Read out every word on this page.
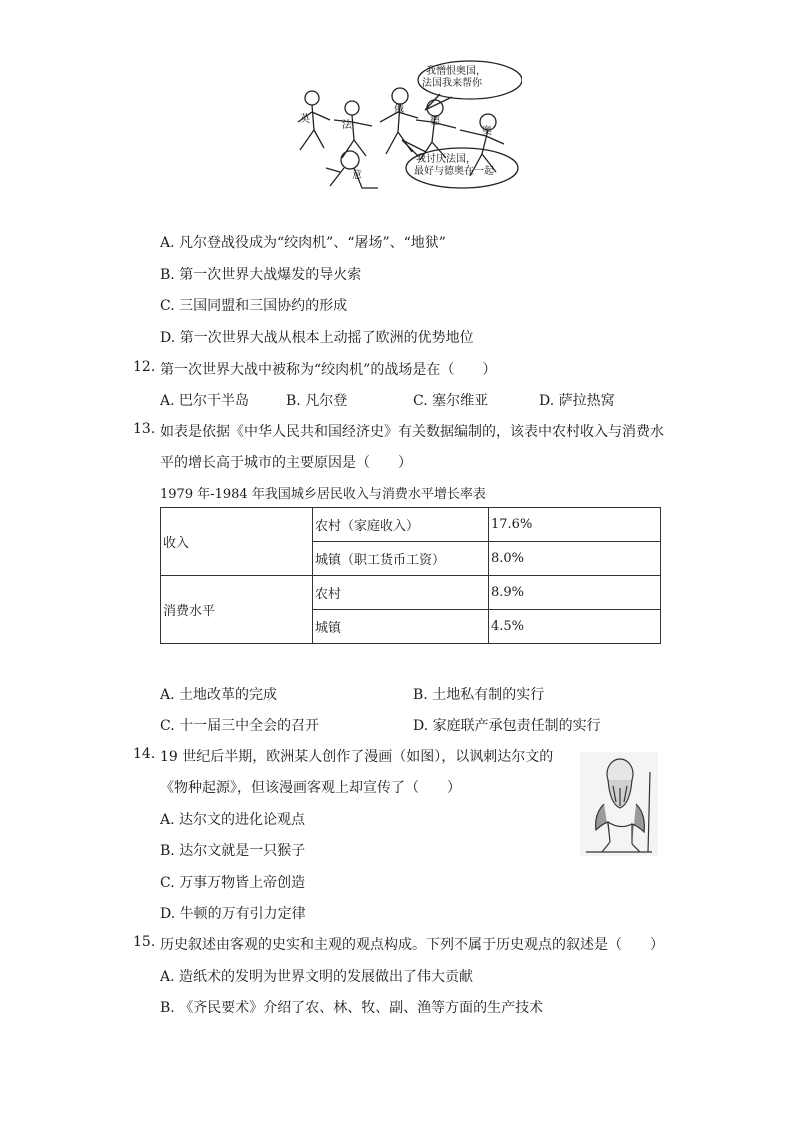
我憎恨奥国，
法国我来帮你
我讨厌法国，
最好与德奥在一起
英
法
俄
德
奥
意
A. 凡尔登战役成为“绞肉机”、“屠场”、“地狱”
B. 第一次世界大战爆发的导火索
C. 三国同盟和三国协约的形成
D. 第一次世界大战从根本上动摇了欧洲的优势地位
12. 第一次世界大战中被称为“绞肉机”的战场是在（　　）
A. 巴尔干半岛	B. 凡尔登	C. 塞尔维亚	D. 萨拉热窝
13. 如表是依据《中华人民共和国经济史》有关数据编制的，该表中农村收入与消费水
平的增长高于城市的主要原因是（　　）
1979 年-1984 年我国城乡居民收入与消费水平增长率表
收入	农村（家庭收入）	17.6%
	城镇（职工货币工资）	8.0%
消费水平	农村	8.9%
	城镇	4.5%
A. 土地改革的完成	B. 土地私有制的实行
C. 十一届三中全会的召开	D. 家庭联产承包责任制的实行
14. 19 世纪后半期，欧洲某人创作了漫画（如图），以讽刺达尔文的
《物种起源》，但该漫画客观上却宣传了（　　）
A. 达尔文的进化论观点
B. 达尔文就是一只猴子
C. 万事万物皆上帝创造
D. 牛顿的万有引力定律
15. 历史叙述由客观的史实和主观的观点构成。下列不属于历史观点的叙述是（　　）
A. 造纸术的发明为世界文明的发展做出了伟大贡献
B. 《齐民要术》介绍了农、林、牧、副、渔等方面的生产技术
